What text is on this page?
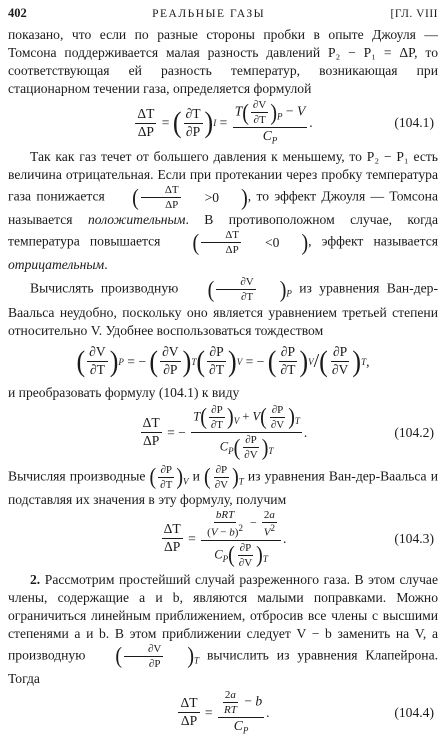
402	РЕАЛЬНЫЕ ГАЗЫ	[ГЛ. VIII

показано, что если по разные стороны пробки в опыте Джоуля — Томсона поддерживается малая разность давлений P₂ − P₁ = ΔP, то соответствующая ей разность температур, возникающая при стационарном течении газа, определяется формулой

$\frac{\Delta T}{\Delta P}$ = ( $\frac{\partial T}{\partial P}$ ) $I = \frac{T ( \frac{\partial V}{\partial T} ) _P - V}{C_P}$ .	(104.1)

Так как газ течет от большего давления к меньшему, то P₂ − P₁ есть величина отрицательная. Если при протекании через пробку температура газа понижается	( $\frac{\Delta T}{\Delta P} >0$	) , то эффект Джоуля — Томсона называется положительным. В противоположном случае, когда температура повышается	( $\frac{\Delta T}{\Delta P} <0$	) , эффект называется отрицательным.

Вычислять производную	( $\frac{\partial V}{\partial T}$	) $_P$ из уравнения Ван-дер-Ваальса неудобно, поскольку оно является уравнением третьей степени относительно V. Удобнее воспользоваться тождеством

( $\frac{\partial V}{\partial T}$ ) P = − ( $\frac{\partial V}{\partial P}$ ) T ( $\frac{\partial P}{\partial T}$ ) V = − ( $\frac{\partial P}{\partial T}$ ) V / ( $\frac{\partial P}{\partial V}$ ) T ,

и преобразовать формулу (104.1) к виду

$\frac{\Delta T}{\Delta P}$ = − $\frac{T ( \frac{\partial P}{\partial T} ) _V + V ( \frac{\partial P}{\partial V} ) _T}{C_P ( \frac{\partial P}{\partial V} ) _T}$ .	(104.2)

Вычисляя производные ( $\frac{\partial P}{\partial T}$ ) $_V$ и ( $\frac{\partial P}{\partial V}$ ) $_T$ из уравнения Ван-дер-Ваальса и подставляя их значения в эту формулу, получим

$\frac{\Delta T}{\Delta P} = \frac{\frac{\text{bRT}}{(V - b)^2} - \frac{2a}{V^2}}{C_P ( \frac{\partial P}{\partial V} ) _T}$ .	(104.3)

2. Рассмотрим простейший случай разреженного газа. В этом случае члены, содержащие a и b, являются малыми поправками. Можно ограничиться линейным приближением, отбросив все члены с высшими степенями a и b. В этом приближении следует V − b заменить на V, а производную	( $\frac{\partial V}{\partial P}$	) $_T$ вычислить из уравнения Клапейрона. Тогда

$\frac{\Delta T}{\Delta P} = \frac{\frac{2a}{RT} - b}{C_P}$ .	(104.4)
